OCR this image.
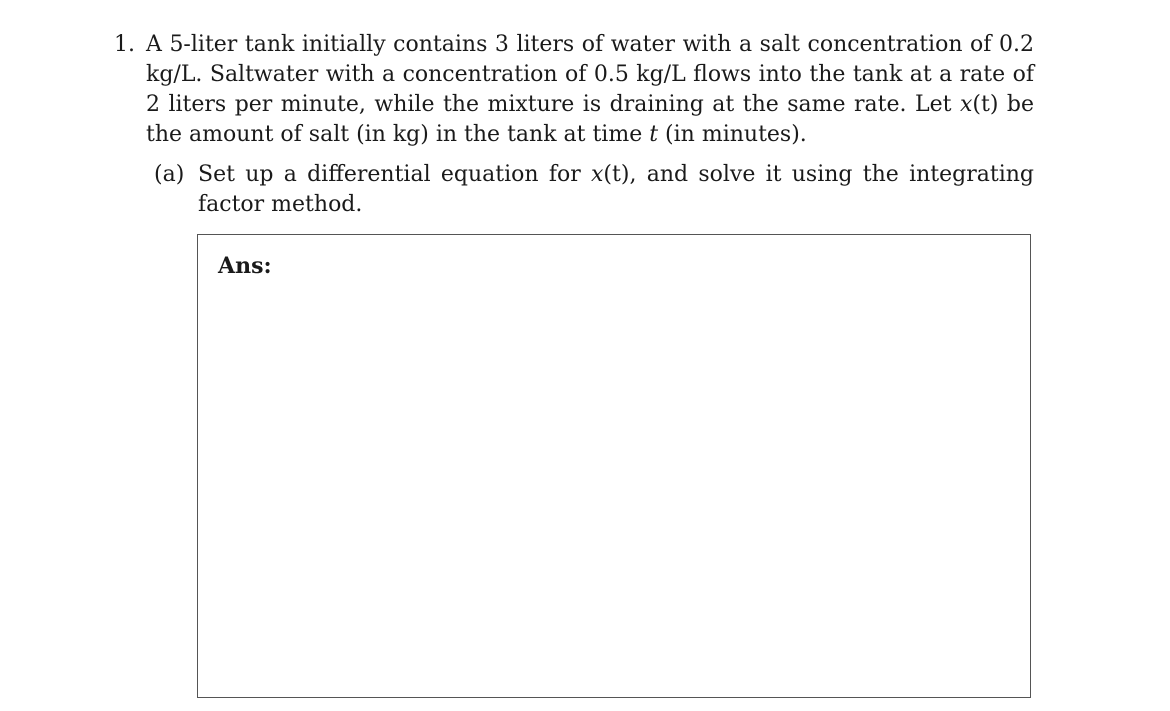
1. A 5-liter tank initially contains 3 liters of water with a salt concentration of 0.2 kg/L. Saltwater with a concentration of 0.5 kg/L flows into the tank at a rate of 2 liters per minute, while the mixture is draining at the same rate. Let x(t) be the amount of salt (in kg) in the tank at time t (in minutes).
(a) Set up a differential equation for x(t), and solve it using the integrating factor method.
Ans:
